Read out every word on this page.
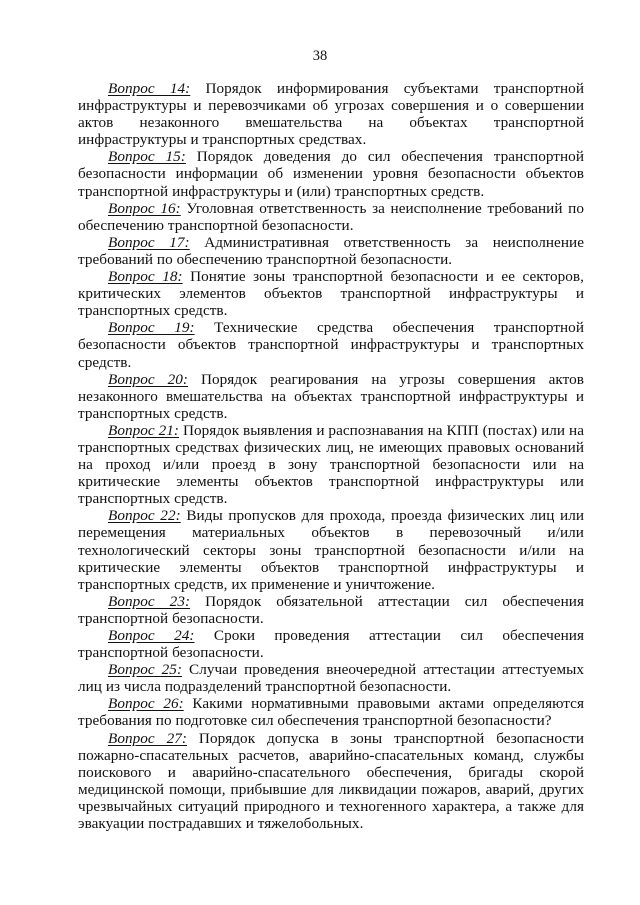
38

Вопрос 14: Порядок информирования субъектами транспортной инфраструктуры и перевозчиками об угрозах совершения и о совершении актов незаконного вмешательства на объектах транспортной инфраструктуры и транспортных средствах.

Вопрос 15: Порядок доведения до сил обеспечения транспортной безопасности информации об изменении уровня безопасности объектов транспортной инфраструктуры и (или) транспортных средств.

Вопрос 16: Уголовная ответственность за неисполнение требований по обеспечению транспортной безопасности.

Вопрос 17: Административная ответственность за неисполнение требований по обеспечению транспортной безопасности.

Вопрос 18: Понятие зоны транспортной безопасности и ее секторов, критических элементов объектов транспортной инфраструктуры и транспортных средств.

Вопрос 19: Технические средства обеспечения транспортной безопасности объектов транспортной инфраструктуры и транспортных средств.

Вопрос 20: Порядок реагирования на угрозы совершения актов незаконного вмешательства на объектах транспортной инфраструктуры и транспортных средств.

Вопрос 21: Порядок выявления и распознавания на КПП (постах) или на транспортных средствах физических лиц, не имеющих правовых оснований на проход и/или проезд в зону транспортной безопасности или на критические элементы объектов транспортной инфраструктуры или транспортных средств.

Вопрос 22: Виды пропусков для прохода, проезда физических лиц или перемещения материальных объектов в перевозочный и/или технологический секторы зоны транспортной безопасности и/или на критические элементы объектов транспортной инфраструктуры и транспортных средств, их применение и уничтожение.

Вопрос 23: Порядок обязательной аттестации сил обеспечения транспортной безопасности.

Вопрос 24: Сроки проведения аттестации сил обеспечения транспортной безопасности.

Вопрос 25: Случаи проведения внеочередной аттестации аттестуемых лиц из числа подразделений транспортной безопасности.

Вопрос 26: Какими нормативными правовыми актами определяются требования по подготовке сил обеспечения транспортной безопасности?

Вопрос 27: Порядок допуска в зоны транспортной безопасности пожарно-спасательных расчетов, аварийно-спасательных команд, службы поискового и аварийно-спасательного обеспечения, бригады скорой медицинской помощи, прибывшие для ликвидации пожаров, аварий, других чрезвычайных ситуаций природного и техногенного характера, а также для эвакуации пострадавших и тяжелобольных.
